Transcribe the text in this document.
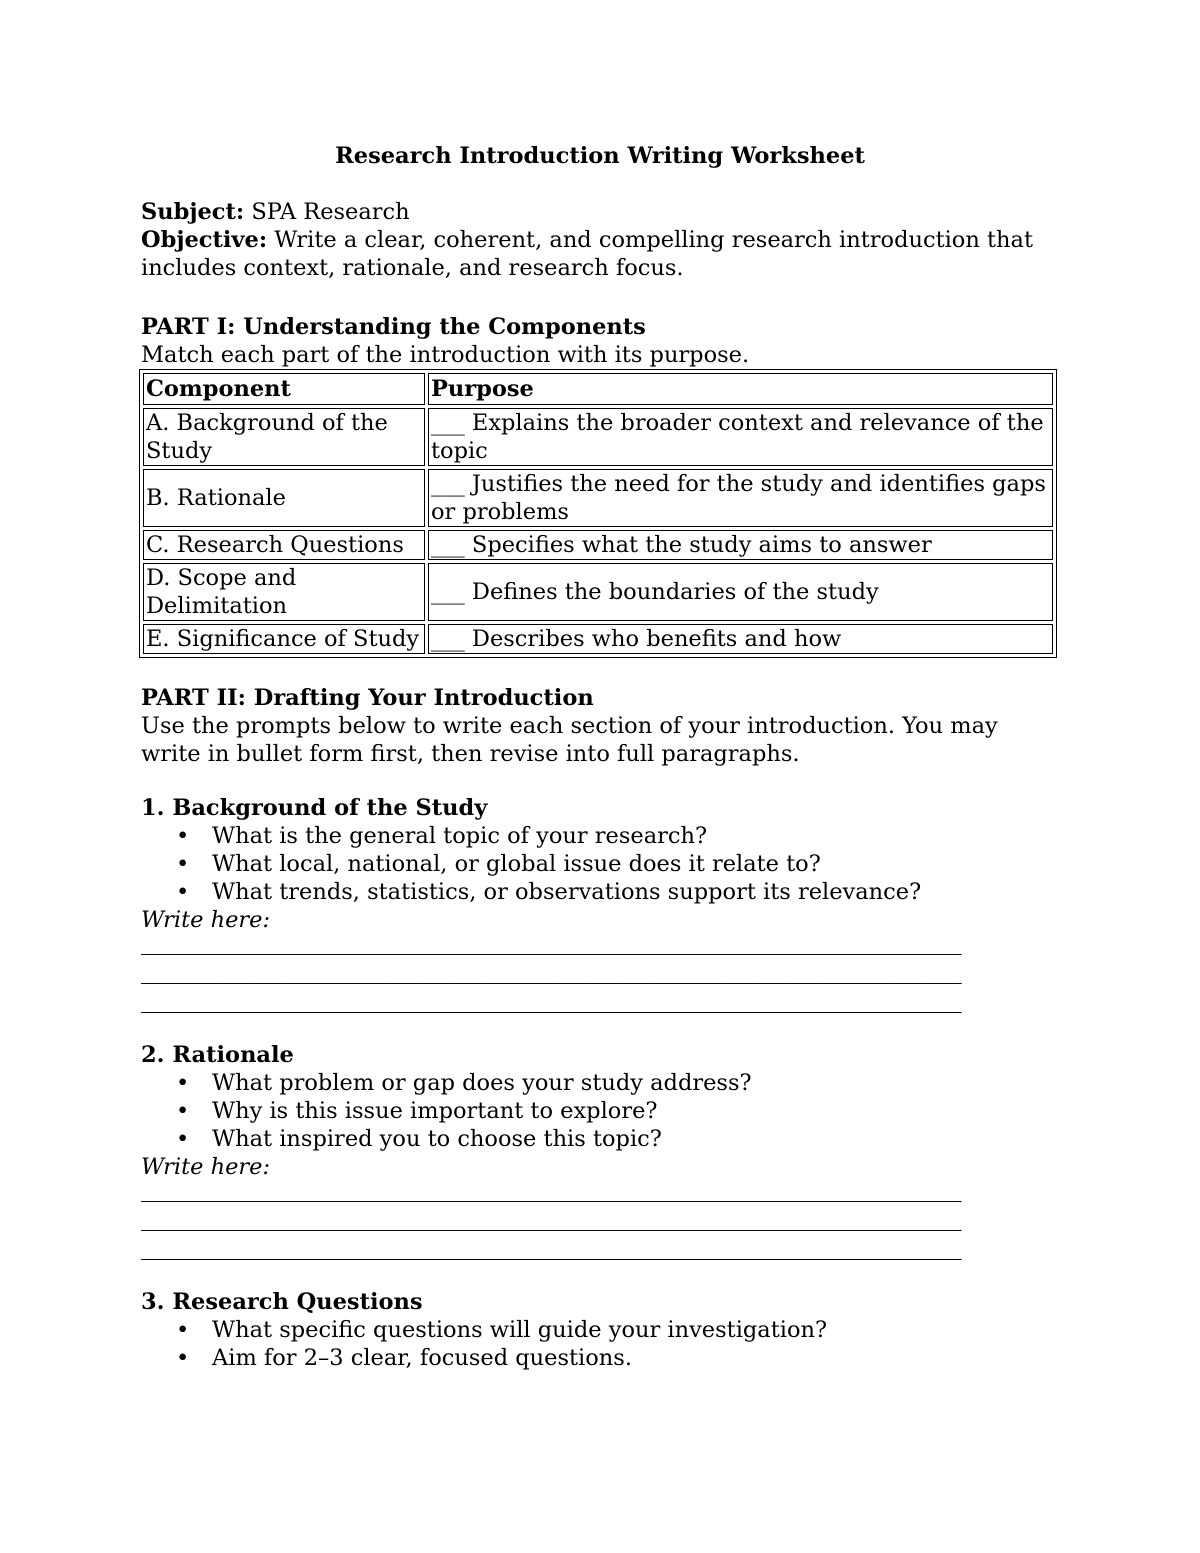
Research Introduction Writing Worksheet

Subject: SPA Research

Objective: Write a clear, coherent, and compelling research introduction that includes context, rationale, and research focus.

PART I: Understanding the Components

Match each part of the introduction with its purpose.

Component	Purpose
A. Background of the Study	___ Explains the broader context and relevance of the topic
B. Rationale	___ Justifies the need for the study and identifies gaps or problems
C. Research Questions	___ Specifies what the study aims to answer
D. Scope and Delimitation	___ Defines the boundaries of the study
E. Significance of Study	___ Describes who benefits and how

PART II: Drafting Your Introduction

Use the prompts below to write each section of your introduction. You may write in bullet form first, then revise into full paragraphs.

1. Background of the Study

• What is the general topic of your research?
• What local, national, or global issue does it relate to?
• What trends, statistics, or observations support its relevance?

Write here:

______________________________________________________________________________

______________________________________________________________________________

______________________________________________________________________________

2. Rationale

• What problem or gap does your study address?
• Why is this issue important to explore?
• What inspired you to choose this topic?

Write here:

______________________________________________________________________________

______________________________________________________________________________

______________________________________________________________________________

3. Research Questions

• What specific questions will guide your investigation?
• Aim for 2–3 clear, focused questions.
